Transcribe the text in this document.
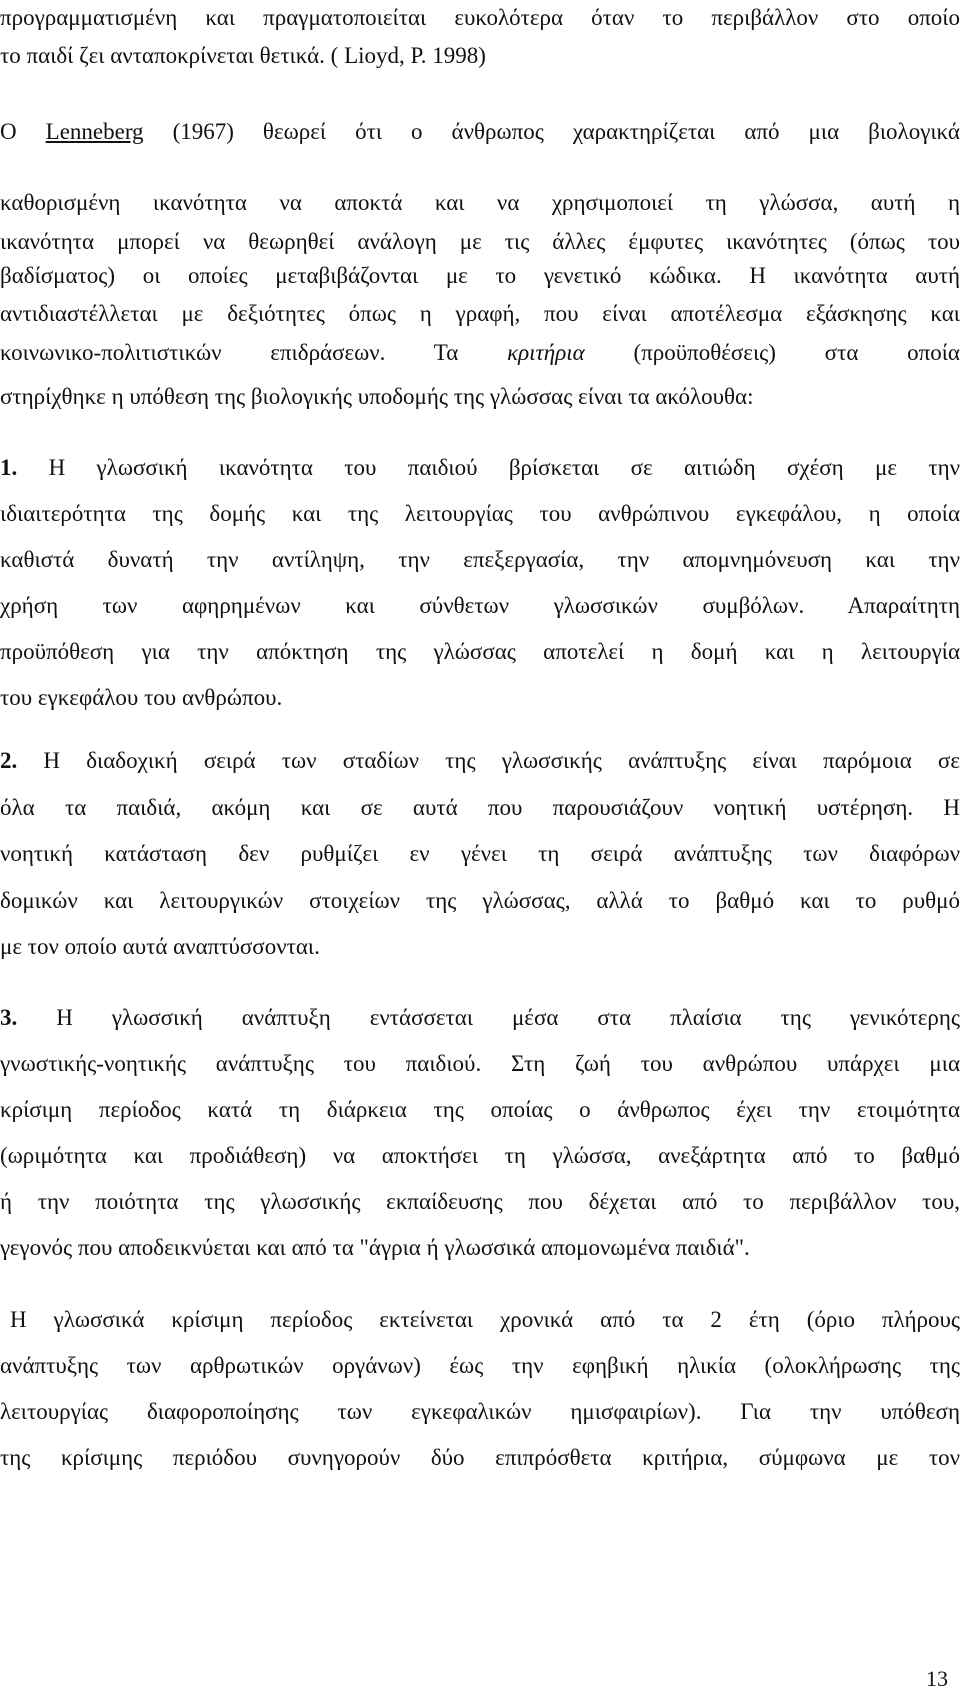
προγραμματισμένη και πραγματοποιείται ευκολότερα όταν το περιβάλλον στο οποίο
το παιδί ζει ανταποκρίνεται θετικά. ( Lioyd, P. 1998)
Ο Lenneberg (1967) θεωρεί ότι ο άνθρωπος χαρακτηρίζεται από μια βιολογικά
καθορισμένη ικανότητα να αποκτά και να χρησιμοποιεί τη γλώσσα, αυτή η
ικανότητα μπορεί να θεωρηθεί ανάλογη με τις άλλες έμφυτες ικανότητες (όπως του
βαδίσματος) οι οποίες μεταβιβάζονται με το γενετικό κώδικα. Η ικανότητα αυτή
αντιδιαστέλλεται με δεξιότητες όπως η γραφή, που είναι αποτέλεσμα εξάσκησης και
κοινωνικο-πολιτιστικών επιδράσεων. Τα κριτήρια (προϋποθέσεις) στα οποία
στηρίχθηκε η υπόθεση της βιολογικής υποδομής της γλώσσας είναι τα ακόλουθα:
1. Η γλωσσική ικανότητα του παιδιού βρίσκεται σε αιτιώδη σχέση με την
ιδιαιτερότητα της δομής και της λειτουργίας του ανθρώπινου εγκεφάλου, η οποία
καθιστά δυνατή την αντίληψη, την επεξεργασία, την απομνημόνευση και την
χρήση των αφηρημένων και σύνθετων γλωσσικών συμβόλων. Απαραίτητη
προϋπόθεση για την απόκτηση της γλώσσας αποτελεί η δομή και η λειτουργία
του εγκεφάλου του ανθρώπου.
2. Η διαδοχική σειρά των σταδίων της γλωσσικής ανάπτυξης είναι παρόμοια σε
όλα τα παιδιά, ακόμη και σε αυτά που παρουσιάζουν νοητική υστέρηση. Η
νοητική κατάσταση δεν ρυθμίζει εν γένει τη σειρά ανάπτυξης των διαφόρων
δομικών και λειτουργικών στοιχείων της γλώσσας, αλλά το βαθμό και το ρυθμό
με τον οποίο αυτά αναπτύσσονται.
3. Η γλωσσική ανάπτυξη εντάσσεται μέσα στα πλαίσια της γενικότερης
γνωστικής-νοητικής ανάπτυξης του παιδιού. Στη ζωή του ανθρώπου υπάρχει μια
κρίσιμη περίοδος κατά τη διάρκεια της οποίας ο άνθρωπος έχει την ετοιμότητα
(ωριμότητα και προδιάθεση) να αποκτήσει τη γλώσσα, ανεξάρτητα από το βαθμό
ή την ποιότητα της γλωσσικής εκπαίδευσης που δέχεται από το περιβάλλον του,
γεγονός που αποδεικνύεται και από τα "άγρια ή γλωσσικά απομονωμένα παιδιά".
Η γλωσσικά κρίσιμη περίοδος εκτείνεται χρονικά από τα 2 έτη (όριο πλήρους
ανάπτυξης των αρθρωτικών οργάνων) έως την εφηβική ηλικία (ολοκλήρωσης της
λειτουργίας διαφοροποίησης των εγκεφαλικών ημισφαιρίων). Για την υπόθεση
της κρίσιμης περιόδου συνηγορούν δύο επιπρόσθετα κριτήρια, σύμφωνα με τον
13
